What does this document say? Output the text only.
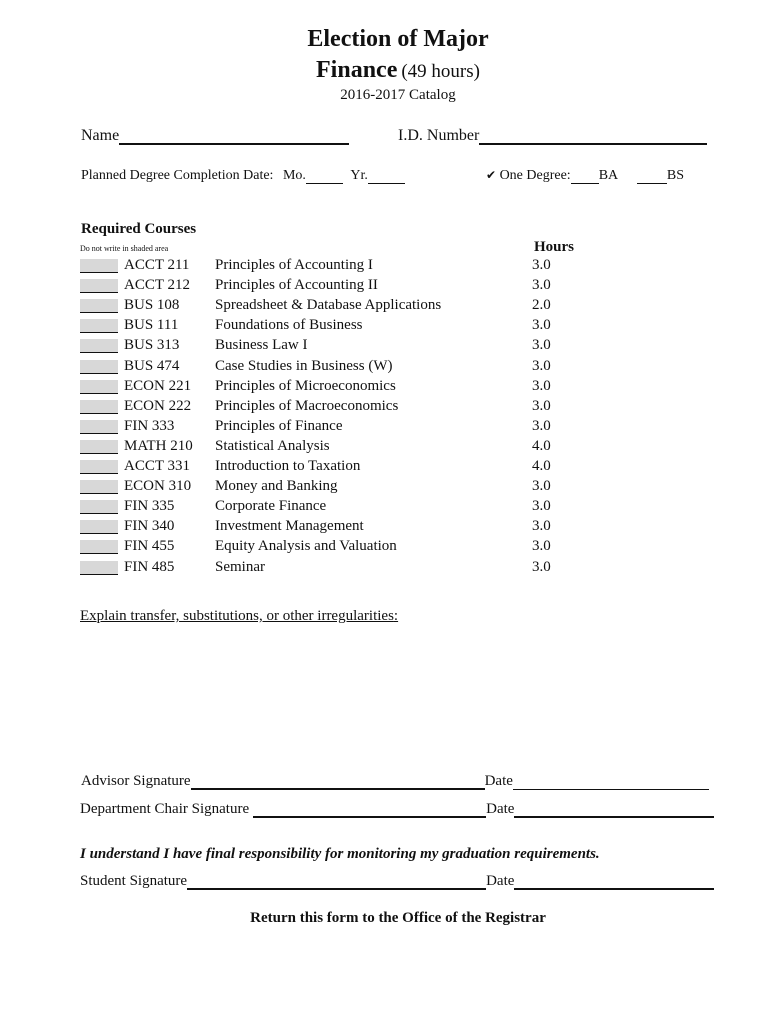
Election of Major
Finance (49 hours)
2016-2017 Catalog
Name	I.D. Number
Planned Degree Completion Date: Mo.	Yr.	✔ One Degree: BA	BS
Required Courses
Do not write in shaded area	Hours
ACCT 211 Principles of Accounting I	3.0
ACCT 212 Principles of Accounting II	3.0
BUS 108 Spreadsheet & Database Applications	2.0
BUS 111 Foundations of Business	3.0
BUS 313 Business Law I	3.0
BUS 474 Case Studies in Business (W)	3.0
ECON 221 Principles of Microeconomics	3.0
ECON 222 Principles of Macroeconomics	3.0
FIN 333	Principles of Finance	3.0
MATH 210 Statistical Analysis	4.0
ACCT 331 Introduction to Taxation	4.0
ECON 310 Money and Banking	3.0
FIN 335	Corporate Finance	3.0
FIN 340	Investment Management	3.0
FIN 455	Equity Analysis and Valuation	3.0
FIN 485	Seminar	3.0
Explain transfer, substitutions, or other irregularities:
Advisor Signature	Date
Department Chair Signature	Date
I understand I have final responsibility for monitoring my graduation requirements.
Student Signature	Date
Return this form to the Office of the Registrar
